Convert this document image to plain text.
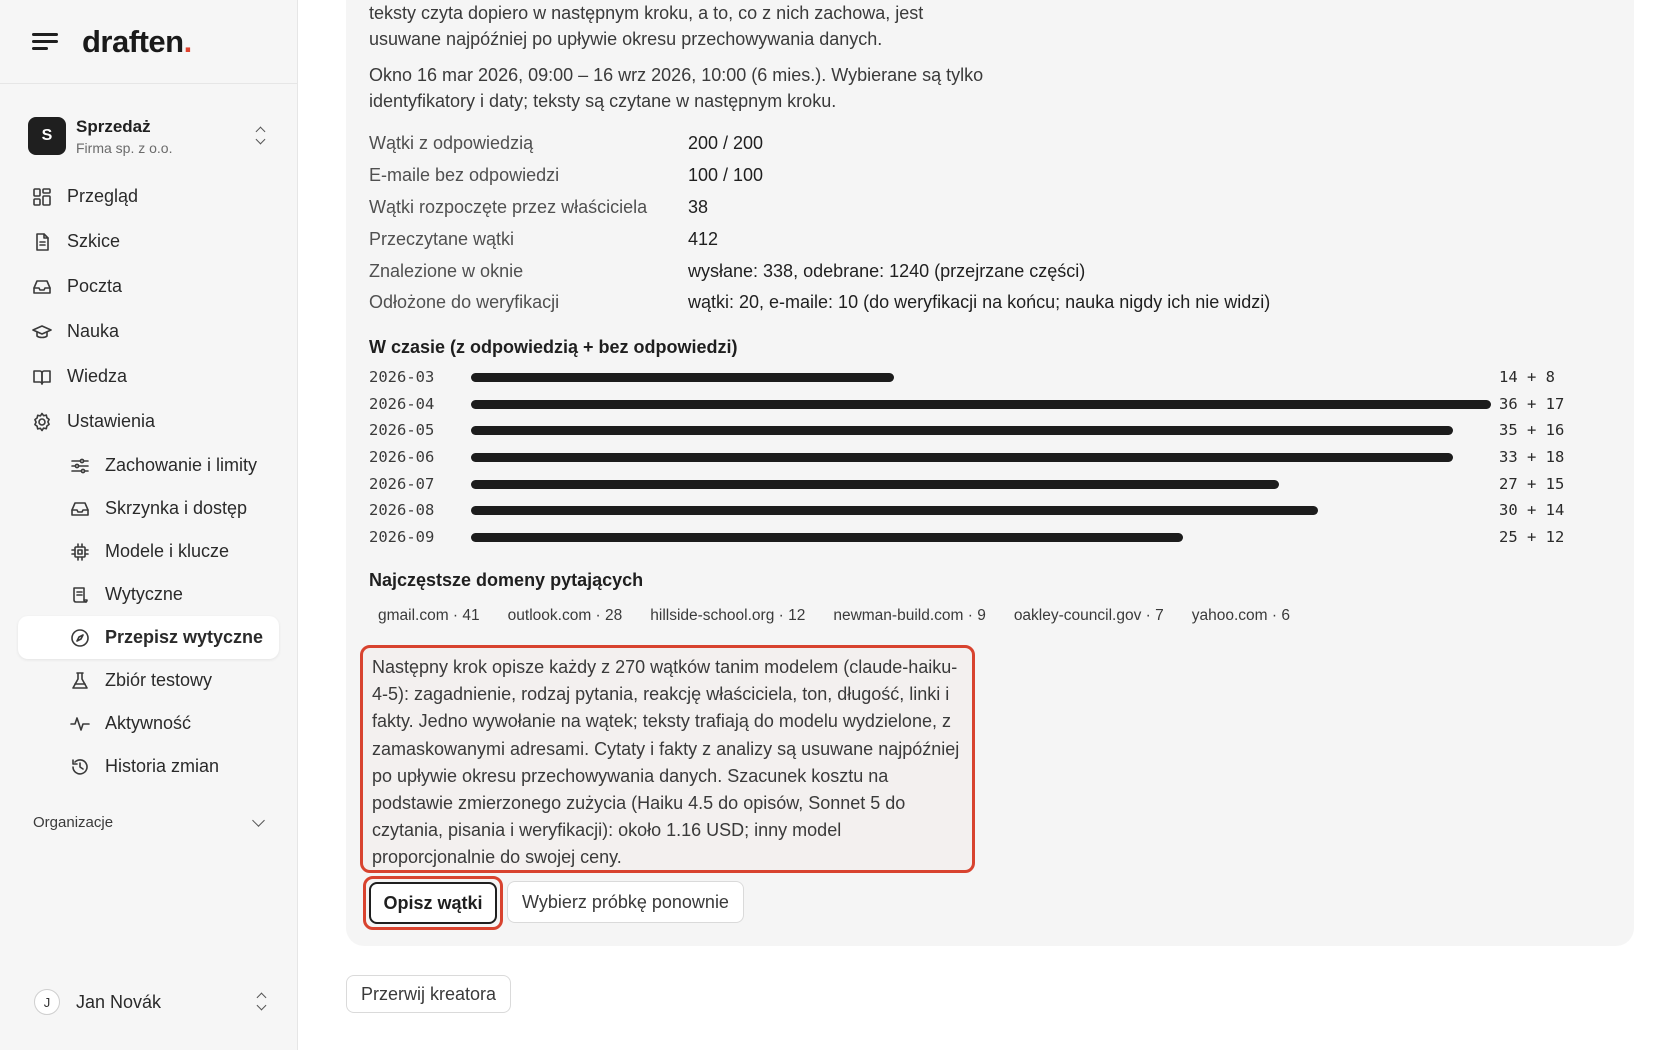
draften.
S	Sprzedaż
Firma sp. z o.o.
Przegląd
Szkice
Poczta
Nauka
Wiedza
Ustawienia
Zachowanie i limity
Skrzynka i dostęp
Modele i klucze
Wytyczne
Przepisz wytyczne
Zbiór testowy
Aktywność
Historia zmian
Organizacje
J	Jan Novák
teksty czyta dopiero w następnym kroku, a to, co z nich zachowa, jest usuwane najpóźniej po upływie okresu przechowywania danych.
Okno 16 mar 2026, 09:00 – 16 wrz 2026, 10:00 (6 mies.). Wybierane są tylko identyfikatory i daty; teksty są czytane w następnym kroku.
Wątki z odpowiedzią	200 / 200
E-maile bez odpowiedzi	100 / 100
Wątki rozpoczęte przez właściciela	38
Przeczytane wątki	412
Znalezione w oknie	wysłane: 338, odebrane: 1240 (przejrzane części)
Odłożone do weryfikacji	wątki: 20, e-maile: 10 (do weryfikacji na końcu; nauka nigdy ich nie widzi)
W czasie (z odpowiedzią + bez odpowiedzi)
2026-03	14 + 8
2026-04	36 + 17
2026-05	35 + 16
2026-06	33 + 18
2026-07	27 + 15
2026-08	30 + 14
2026-09	25 + 12
Najczęstsze domeny pytających
gmail.com · 41	outlook.com · 28	hillside-school.org · 12	newman-build.com · 9	oakley-council.gov · 7	yahoo.com · 6
Następny krok opisze każdy z 270 wątków tanim modelem (claude-haiku-4-5): zagadnienie, rodzaj pytania, reakcję właściciela, ton, długość, linki i fakty. Jedno wywołanie na wątek; teksty trafiają do modelu wydzielone, z zamaskowanymi adresami. Cytaty i fakty z analizy są usuwane najpóźniej po upływie okresu przechowywania danych. Szacunek kosztu na podstawie zmierzonego zużycia (Haiku 4.5 do opisów, Sonnet 5 do czytania, pisania i weryfikacji): około 1.16 USD; inny model proporcjonalnie do swojej ceny.
Opisz wątki	Wybierz próbkę ponownie
Przerwij kreatora
